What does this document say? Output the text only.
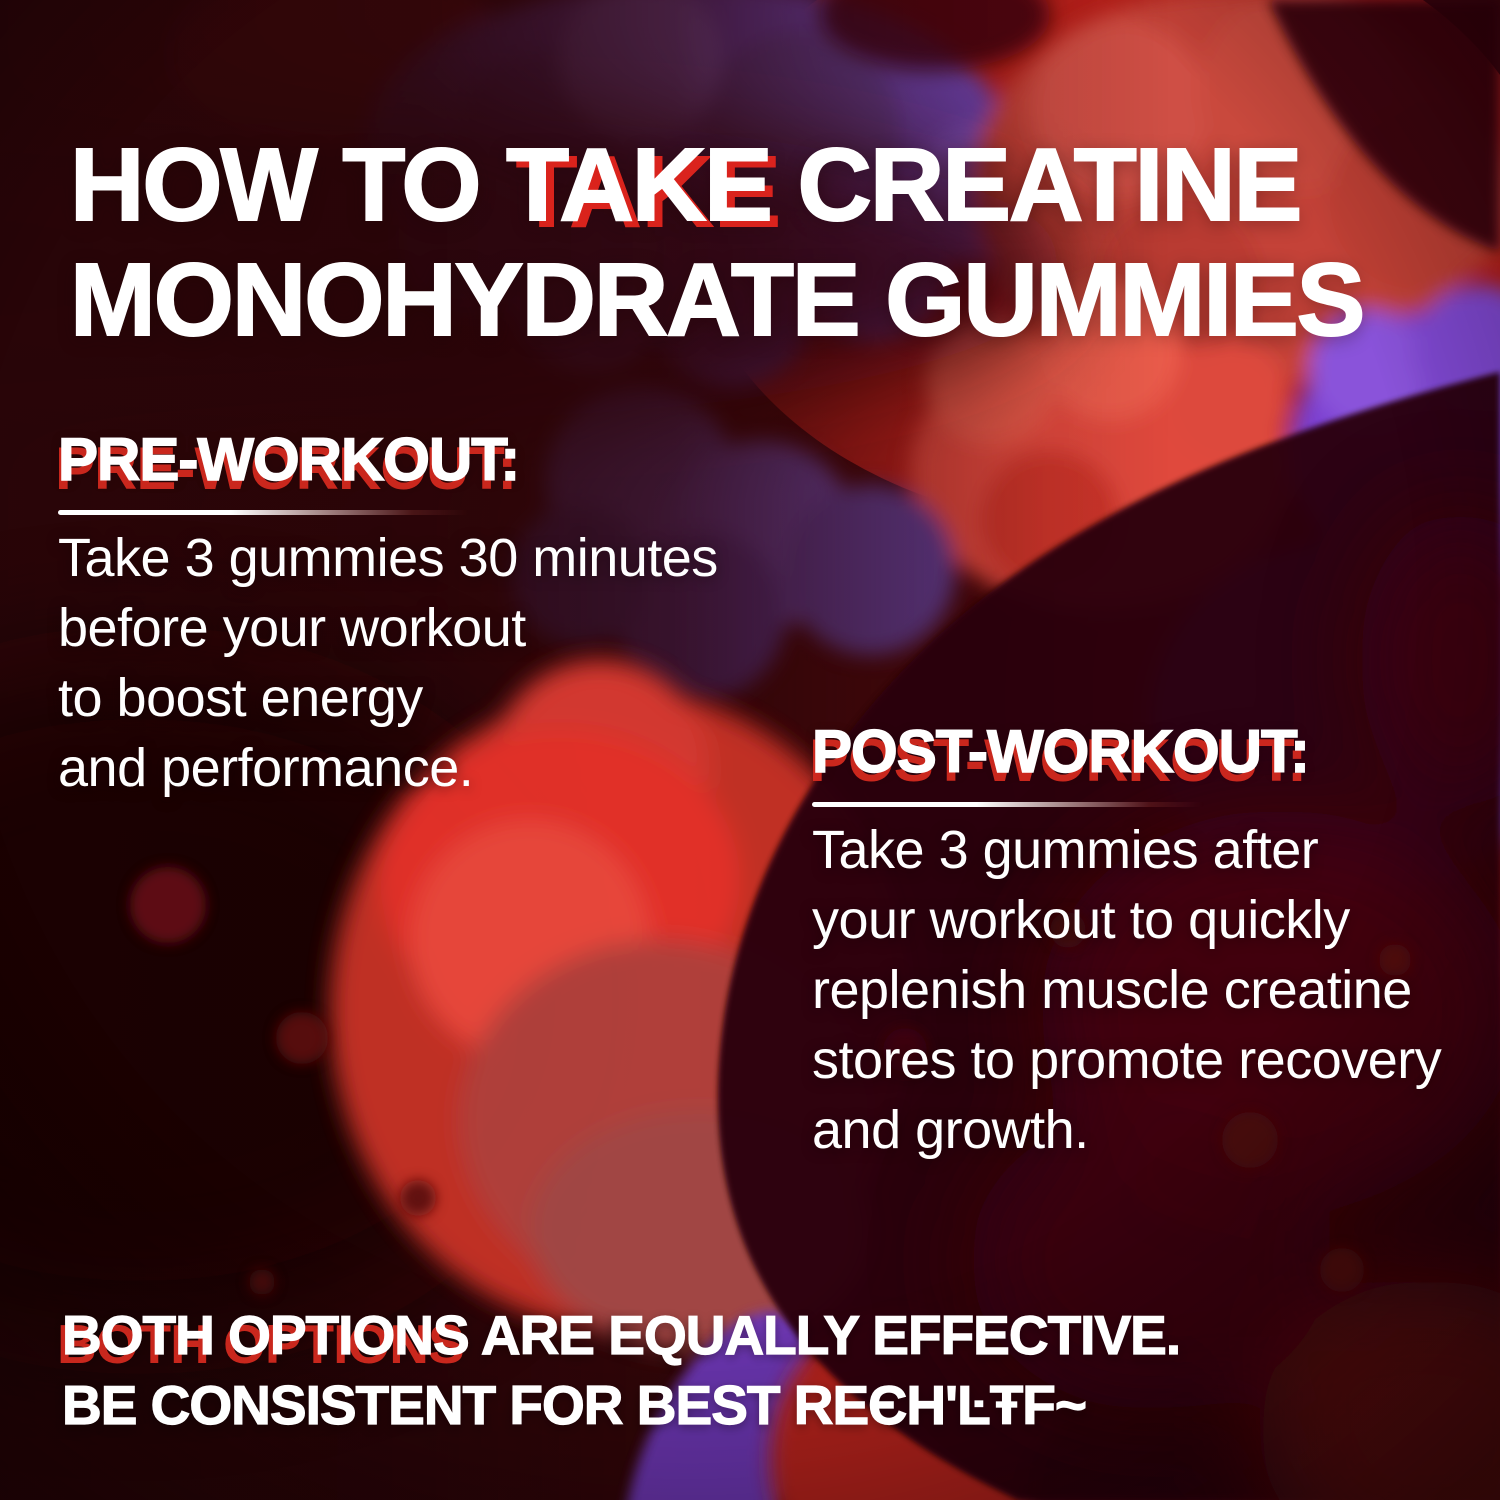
HOW TO TAKE CREATINE
MONOHYDRATE GUMMIES
PRE-WORKOUT:
Take 3 gummies 30 minutes
before your workout
to boost energy
and performance.	POST-WORKOUT:
Take 3 gummies after
your workout to quickly
replenish muscle creatine
stores to promote recovery
and growth.
BOTH OPTIONS ARE EQUALLY EFFECTIVE.
BE CONSISTENT FOR BEST REЄН'ĿŦF~
